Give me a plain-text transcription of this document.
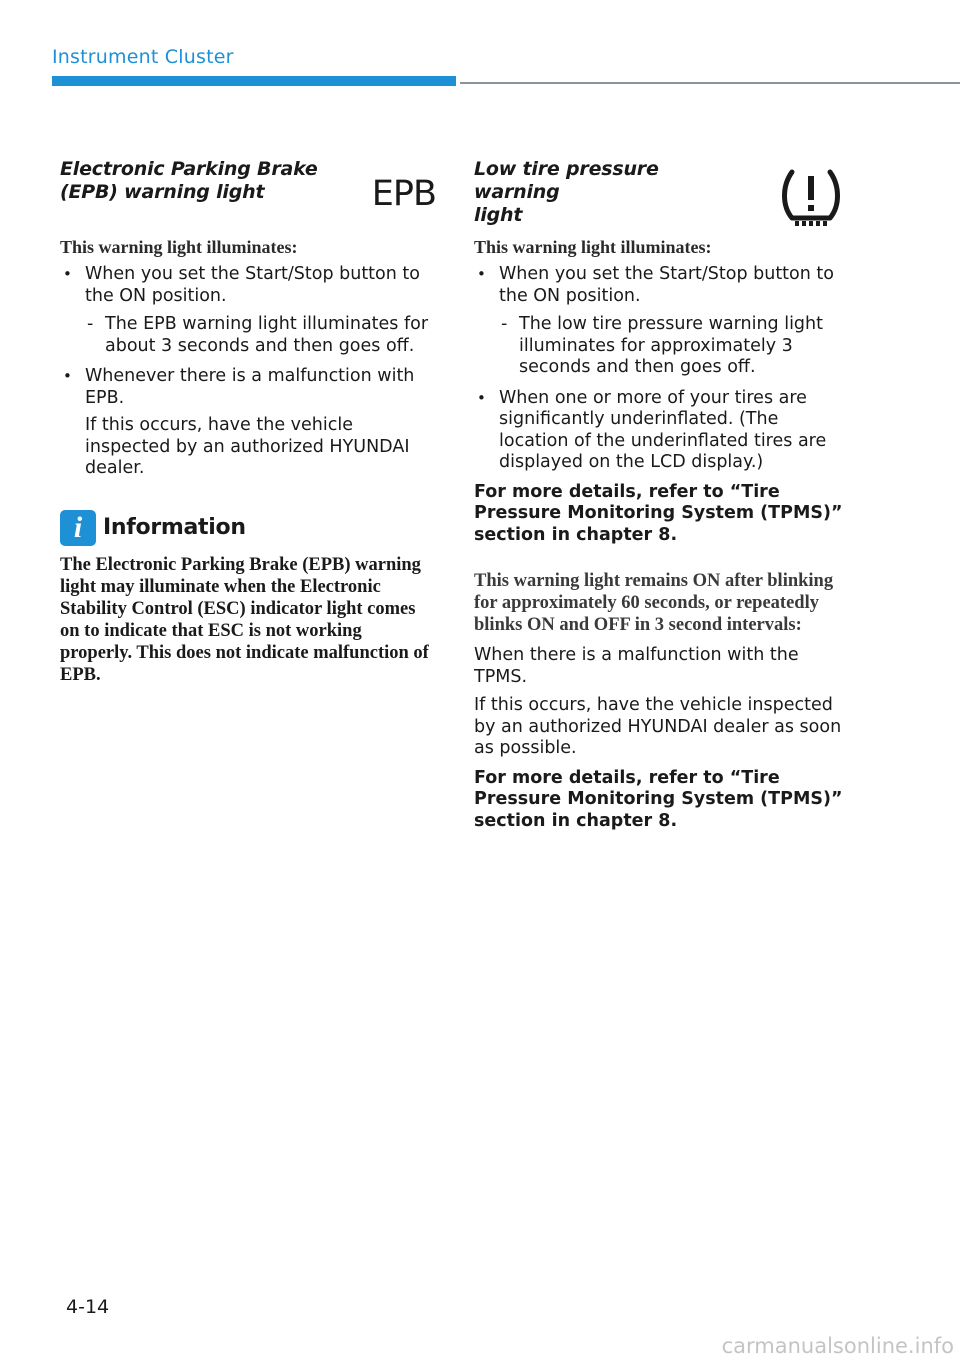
Instrument Cluster
Electronic Parking Brake
(EPB) warning light	EPB
This warning light illuminates:
• When you set the Start/Stop button to the ON position.
- The EPB warning light illuminates for about 3 seconds and then goes off.
• Whenever there is a malfunction with EPB.
If this occurs, have the vehicle inspected by an authorized HYUNDAI dealer.
i Information
The Electronic Parking Brake (EPB) warning light may illuminate when the Electronic Stability Control (ESC) indicator light comes on to indicate that ESC is not working properly. This does not indicate malfunction of EPB.
Low tire pressure warning
light
This warning light illuminates:
• When you set the Start/Stop button to the ON position.
- The low tire pressure warning light illuminates for approximately 3 seconds and then goes off.
• When one or more of your tires are significantly underinflated. (The location of the underinflated tires are displayed on the LCD display.)
For more details, refer to “Tire Pressure Monitoring System (TPMS)” section in chapter 8.
This warning light remains ON after blinking for approximately 60 seconds, or repeatedly blinks ON and OFF in 3 second intervals:
When there is a malfunction with the TPMS.
If this occurs, have the vehicle inspected by an authorized HYUNDAI dealer as soon as possible.
For more details, refer to “Tire Pressure Monitoring System (TPMS)” section in chapter 8.
4-14
carmanualsonline.info
